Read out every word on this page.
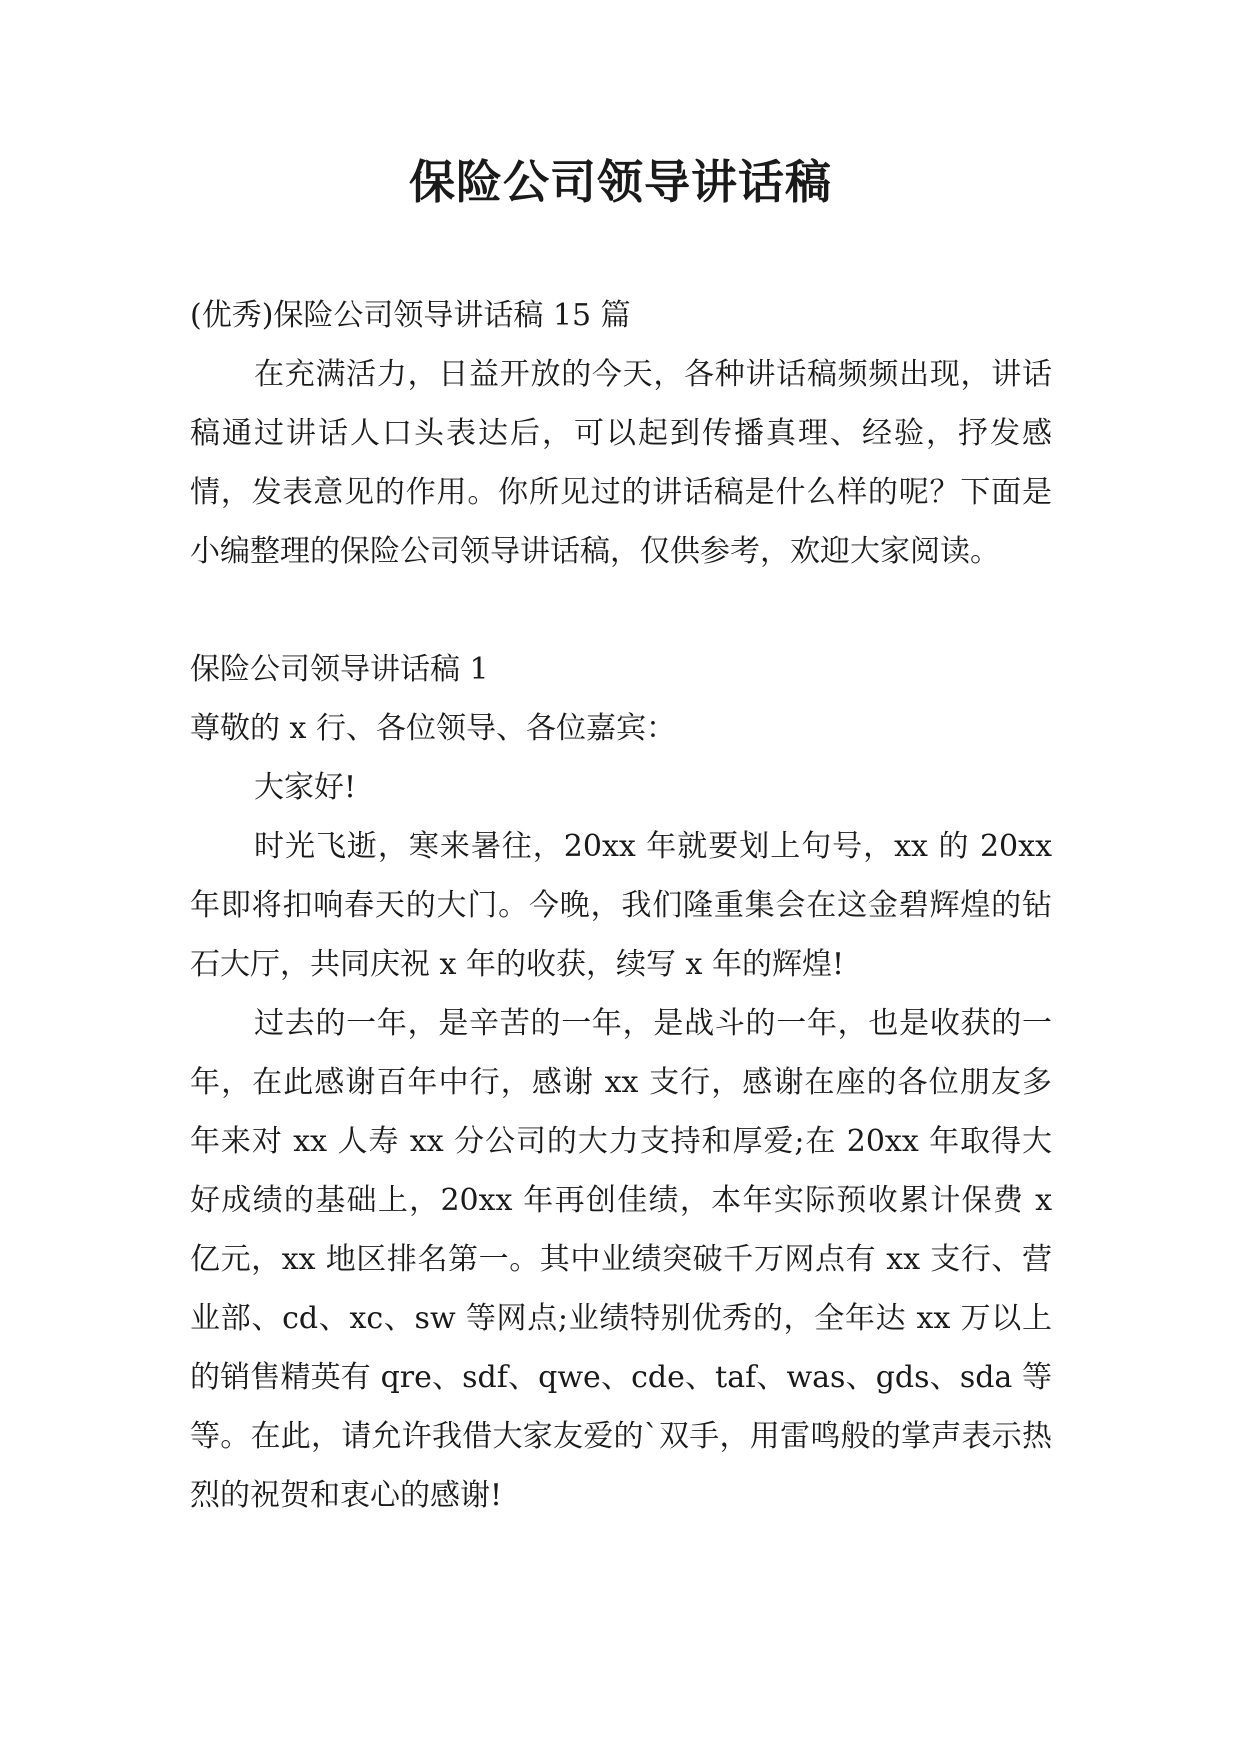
保险公司领导讲话稿

(优秀)保险公司领导讲话稿 15 篇

在充满活力，日益开放的今天，各种讲话稿频频出现，讲话稿通过讲话人口头表达后，可以起到传播真理、经验，抒发感情，发表意见的作用。你所见过的讲话稿是什么样的呢？下面是小编整理的保险公司领导讲话稿，仅供参考，欢迎大家阅读。

保险公司领导讲话稿 1

尊敬的 x 行、各位领导、各位嘉宾：

大家好!

时光飞逝，寒来暑往，20xx 年就要划上句号，xx 的 20xx 年即将扣响春天的大门。今晚，我们隆重集会在这金碧辉煌的钻石大厅，共同庆祝 x 年的收获，续写 x 年的辉煌!

过去的一年，是辛苦的一年，是战斗的一年，也是收获的一年，在此感谢百年中行，感谢 xx 支行，感谢在座的各位朋友多年来对 xx 人寿 xx 分公司的大力支持和厚爱;在 20xx 年取得大好成绩的基础上，20xx 年再创佳绩，本年实际预收累计保费 x 亿元，xx 地区排名第一。其中业绩突破千万网点有 xx 支行、营业部、cd、xc、sw 等网点;业绩特别优秀的，全年达 xx 万以上的销售精英有 qre、sdf、qwe、cde、taf、was、gds、sda 等等。在此，请允许我借大家友爱的`双手，用雷鸣般的掌声表示热烈的祝贺和衷心的感谢!
